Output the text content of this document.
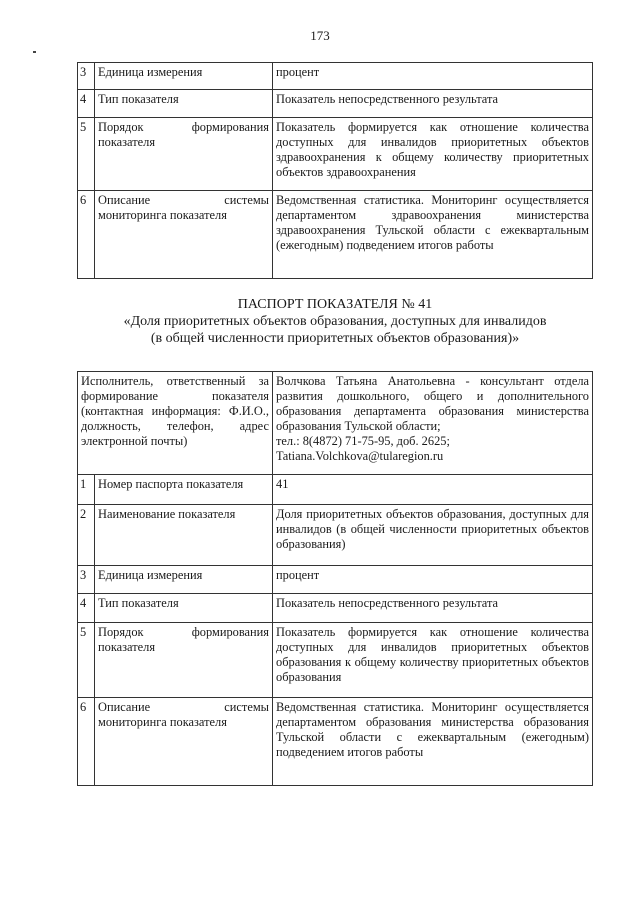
173
3	Единица измерения	процент
4	Тип показателя	Показатель непосредственного результата
5	Порядок формирования показателя	Показатель формируется как отношение количества доступных для инвалидов приоритетных объектов здравоохранения к общему количеству приоритетных объектов здравоохранения
6	Описание системы мониторинга показателя	Ведомственная статистика. Мониторинг осуществляется департаментом здравоохранения министерства здравоохранения Тульской области с ежеквартальным (ежегодным) подведением итогов работы
ПАСПОРТ ПОКАЗАТЕЛЯ № 41
«Доля приоритетных объектов образования, доступных для инвалидов
(в общей численности приоритетных объектов образования)»
Исполнитель, ответственный за формирование показателя (контактная информация: Ф.И.О., должность, телефон, адрес электронной почты)		Волчкова Татьяна Анатольевна - консультант отдела развития дошкольного, общего и дополнительного образования департамента образования министерства образования Тульской области;
тел.: 8(4872) 71-75-95, доб. 2625;
Tatiana.Volchkova@tularegion.ru

1	Номер паспорта показателя	41
2	Наименование показателя	Доля приоритетных объектов образования, доступных для инвалидов (в общей численности приоритетных объектов образования)
3	Единица измерения	процент
4	Тип показателя	Показатель непосредственного результата
5	Порядок формирования показателя	Показатель формируется как отношение количества доступных для инвалидов приоритетных объектов образования к общему количеству приоритетных объектов образования
6	Описание системы мониторинга показателя	Ведомственная статистика. Мониторинг осуществляется департаментом образования министерства образования Тульской области с ежеквартальным (ежегодным) подведением итогов работы
